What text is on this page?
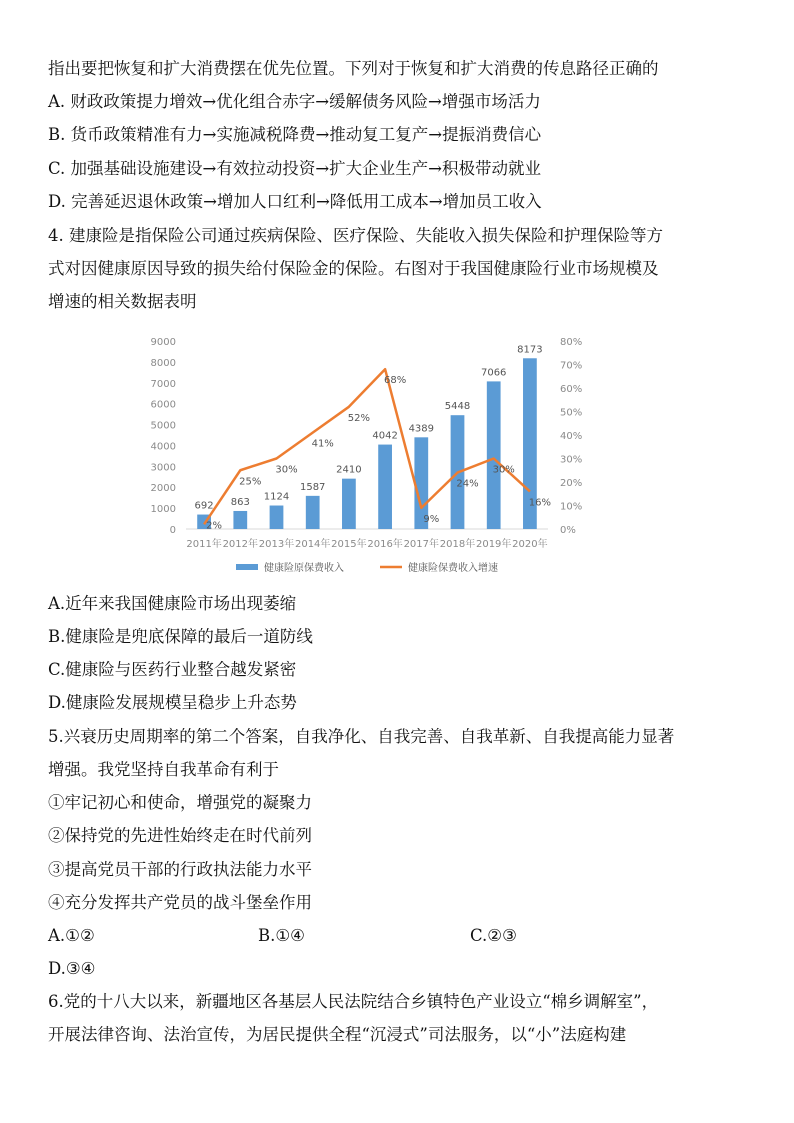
指出要把恢复和扩大消费摆在优先位置。下列对于恢复和扩大消费的传息路径正确的
A. 财政政策提力增效→优化组合赤字→缓解债务风险→增强市场活力
B. 货币政策精准有力→实施减税降费→推动复工复产→提振消费信心
C. 加强基础设施建设→有效拉动投资→扩大企业生产→积极带动就业
D. 完善延迟退休政策→增加人口红利→降低用工成本→增加员工收入
4. 建康险是指保险公司通过疾病保险、医疗保险、失能收入损失保险和护理保险等方
式对因健康原因导致的损失给付保险金的保险。右图对于我国健康险行业市场规模及
增速的相关数据表明
0
1000
2000
3000
4000
5000
6000
7000
8000
9000
0%
10%
20%
30%
40%
50%
60%
70%
80%
692 863 1124
1587
2410
4042
4389
5448
7066
8173
2%
25%
30%
41%
52%
68%
9%
24%
30%
16%
2011年 2012年 2013年 2014年 2015年 2016年 2017年 2018年 2019年 2020年
健康险原保费收入	健康险保费收入增速
A.近年来我国健康险市场出现萎缩
B.健康险是兜底保障的最后一道防线
C.健康险与医药行业整合越发紧密
D.健康险发展规模呈稳步上升态势
5.兴衰历史周期率的第二个答案，自我净化、自我完善、自我革新、自我提高能力显著
增强。我党坚持自我革命有利于
①牢记初心和使命，增强党的凝聚力
②保持党的先进性始终走在时代前列
③提高党员干部的行政执法能力水平
④充分发挥共产党员的战斗堡垒作用
A.①②	B.①④	C.②③
D.③④
6.党的十八大以来，新疆地区各基层人民法院结合乡镇特色产业设立“棉乡调解室”，
开展法律咨询、法治宣传，为居民提供全程“沉浸式”司法服务，以“小”法庭构建
